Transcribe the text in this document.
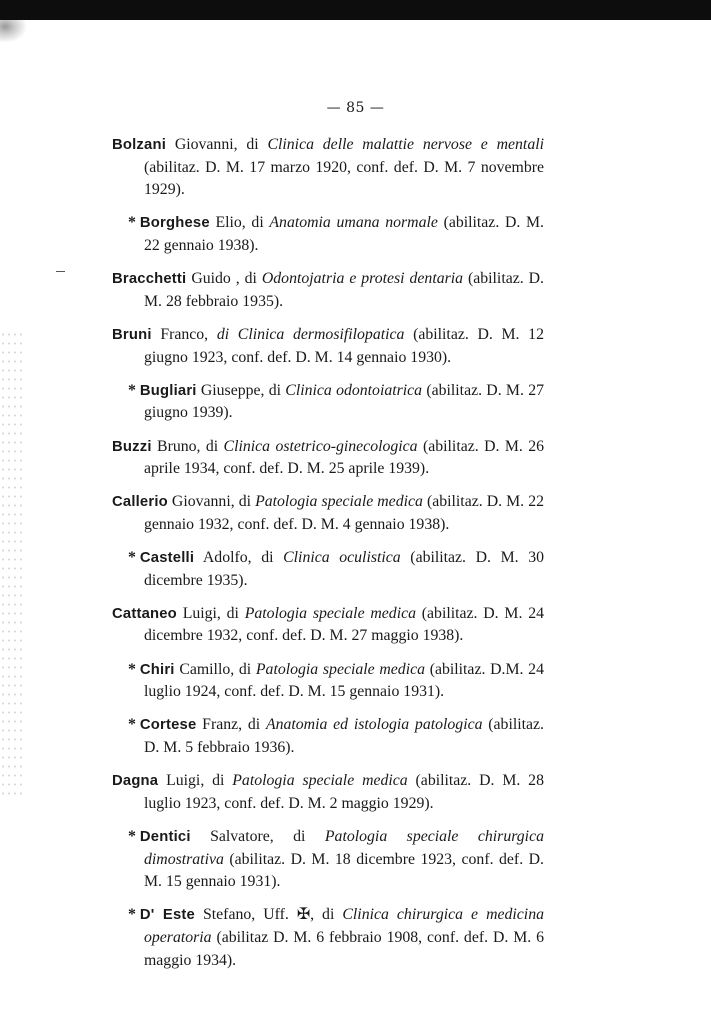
— 85 —

Bolzani Giovanni, di Clinica delle malattie nervose e mentali (abilitaz. D. M. 17 marzo 1920, conf. def. D. M. 7 novembre 1929).

* Borghese Elio, di Anatomia umana normale (abilitaz. D. M. 22 gennaio 1938).

Bracchetti Guido , di Odontojatria e protesi dentaria (abilitaz. D. M. 28 febbraio 1935).

Bruni Franco, di Clinica dermosifilopatica (abilitaz. D. M. 12 giugno 1923, conf. def. D. M. 14 gennaio 1930).

* Bugliari Giuseppe, di Clinica odontoiatrica (abilitaz. D. M. 27 giugno 1939).

Buzzi Bruno, di Clinica ostetrico-ginecologica (abilitaz. D. M. 26 aprile 1934, conf. def. D. M. 25 aprile 1939).

Callerio Giovanni, di Patologia speciale medica (abilitaz. D. M. 22 gennaio 1932, conf. def. D. M. 4 gennaio 1938).

* Castelli Adolfo, di Clinica oculistica (abilitaz. D. M. 30 dicembre 1935).

Cattaneo Luigi, di Patologia speciale medica (abilitaz. D. M. 24 dicembre 1932, conf. def. D. M. 27 maggio 1938).

* Chiri Camillo, di Patologia speciale medica (abilitaz. D.M. 24 luglio 1924, conf. def. D. M. 15 gennaio 1931).

* Cortese Franz, di Anatomia ed istologia patologica (abilitaz. D. M. 5 febbraio 1936).

Dagna Luigi, di Patologia speciale medica (abilitaz. D. M. 28 luglio 1923, conf. def. D. M. 2 maggio 1929).

* Dentici Salvatore, di Patologia speciale chirurgica dimostrativa (abilitaz. D. M. 18 dicembre 1923, conf. def. D. M. 15 gennaio 1931).

* D' Este Stefano, Uff. ✠, di Clinica chirurgica e medicina operatoria (abilitaz D. M. 6 febbraio 1908, conf. def. D. M. 6 maggio 1934).
